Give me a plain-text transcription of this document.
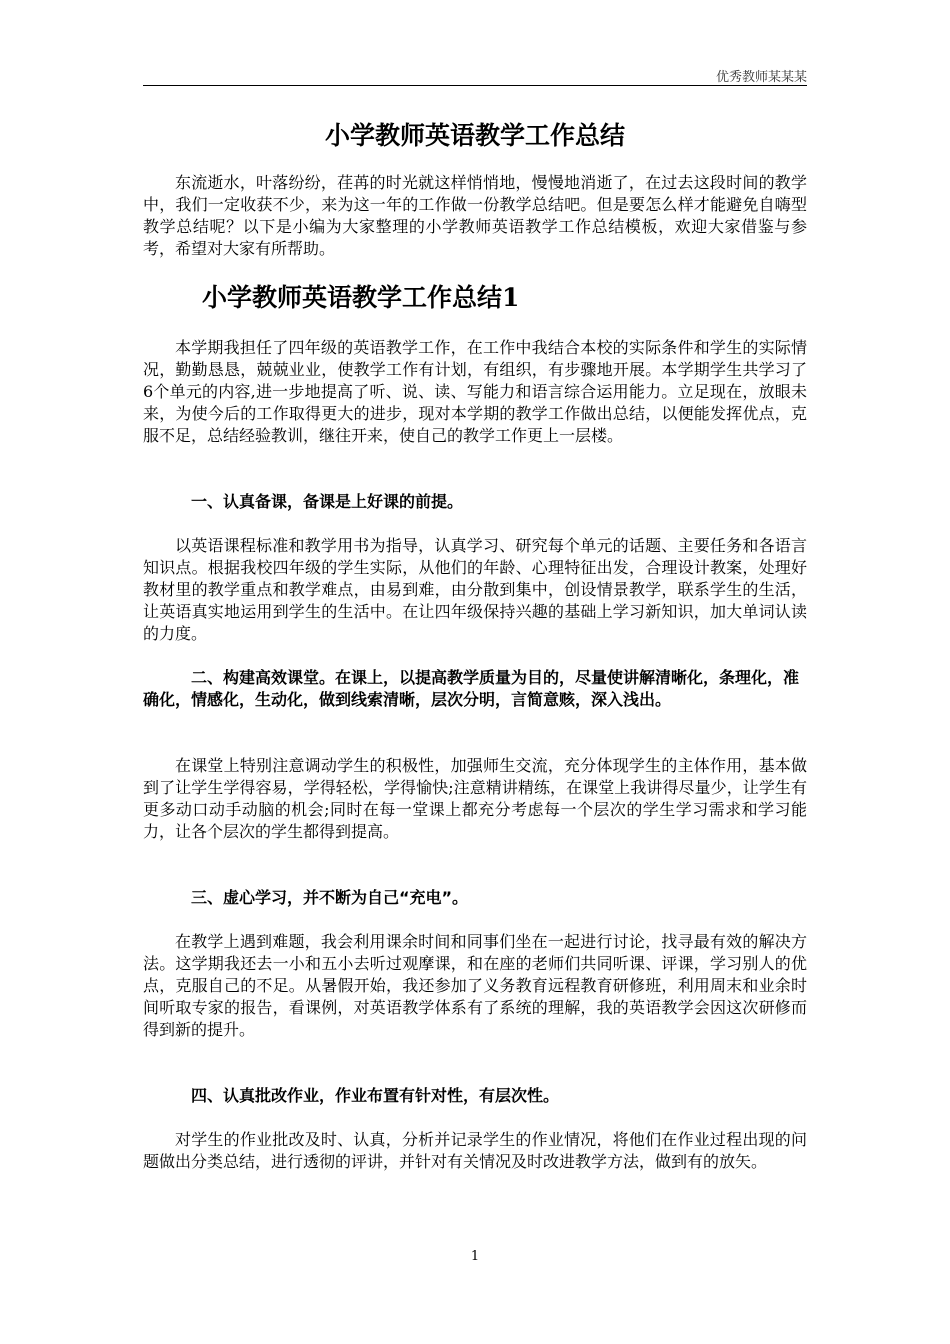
优秀教师某某某
小学教师英语教学工作总结

东流逝水，叶落纷纷，荏苒的时光就这样悄悄地，慢慢地消逝了，在过去这段时间的教学中，我们一定收获不少，来为这一年的工作做一份教学总结吧。但是要怎么样才能避免自嗨型教学总结呢？以下是小编为大家整理的小学教师英语教学工作总结模板，欢迎大家借鉴与参考，希望对大家有所帮助。

小学教师英语教学工作总结1

本学期我担任了四年级的英语教学工作，在工作中我结合本校的实际条件和学生的实际情况，勤勤恳恳，兢兢业业，使教学工作有计划，有组织，有步骤地开展。本学期学生共学习了6个单元的内容,进一步地提高了听、说、读、写能力和语言综合运用能力。立足现在，放眼未来，为使今后的工作取得更大的进步，现对本学期的教学工作做出总结，以便能发挥优点，克服不足，总结经验教训，继往开来，使自己的教学工作更上一层楼。

一、认真备课，备课是上好课的前提。

以英语课程标准和教学用书为指导，认真学习、研究每个单元的话题、主要任务和各语言知识点。根据我校四年级的学生实际，从他们的年龄、心理特征出发，合理设计教案，处理好教材里的教学重点和教学难点，由易到难，由分散到集中，创设情景教学，联系学生的生活，让英语真实地运用到学生的生活中。在让四年级保持兴趣的基础上学习新知识，加大单词认读的力度。

二、构建高效课堂。在课上，以提高教学质量为目的，尽量使讲解清晰化，条理化，准确化，情感化，生动化，做到线索清晰，层次分明，言简意赅，深入浅出。

在课堂上特别注意调动学生的积极性，加强师生交流，充分体现学生的主体作用，基本做到了让学生学得容易，学得轻松，学得愉快;注意精讲精练，在课堂上我讲得尽量少，让学生有更多动口动手动脑的机会;同时在每一堂课上都充分考虑每一个层次的学生学习需求和学习能力，让各个层次的学生都得到提高。

三、虚心学习，并不断为自己“充电”。

在教学上遇到难题，我会利用课余时间和同事们坐在一起进行讨论，找寻最有效的解决方法。这学期我还去一小和五小去听过观摩课，和在座的老师们共同听课、评课，学习别人的优点，克服自己的不足。从暑假开始，我还参加了义务教育远程教育研修班，利用周末和业余时间听取专家的报告，看课例，对英语教学体系有了系统的理解，我的英语教学会因这次研修而得到新的提升。

四、认真批改作业，作业布置有针对性，有层次性。

对学生的作业批改及时、认真，分析并记录学生的作业情况，将他们在作业过程出现的问题做出分类总结，进行透彻的评讲，并针对有关情况及时改进教学方法，做到有的放矢。

1
